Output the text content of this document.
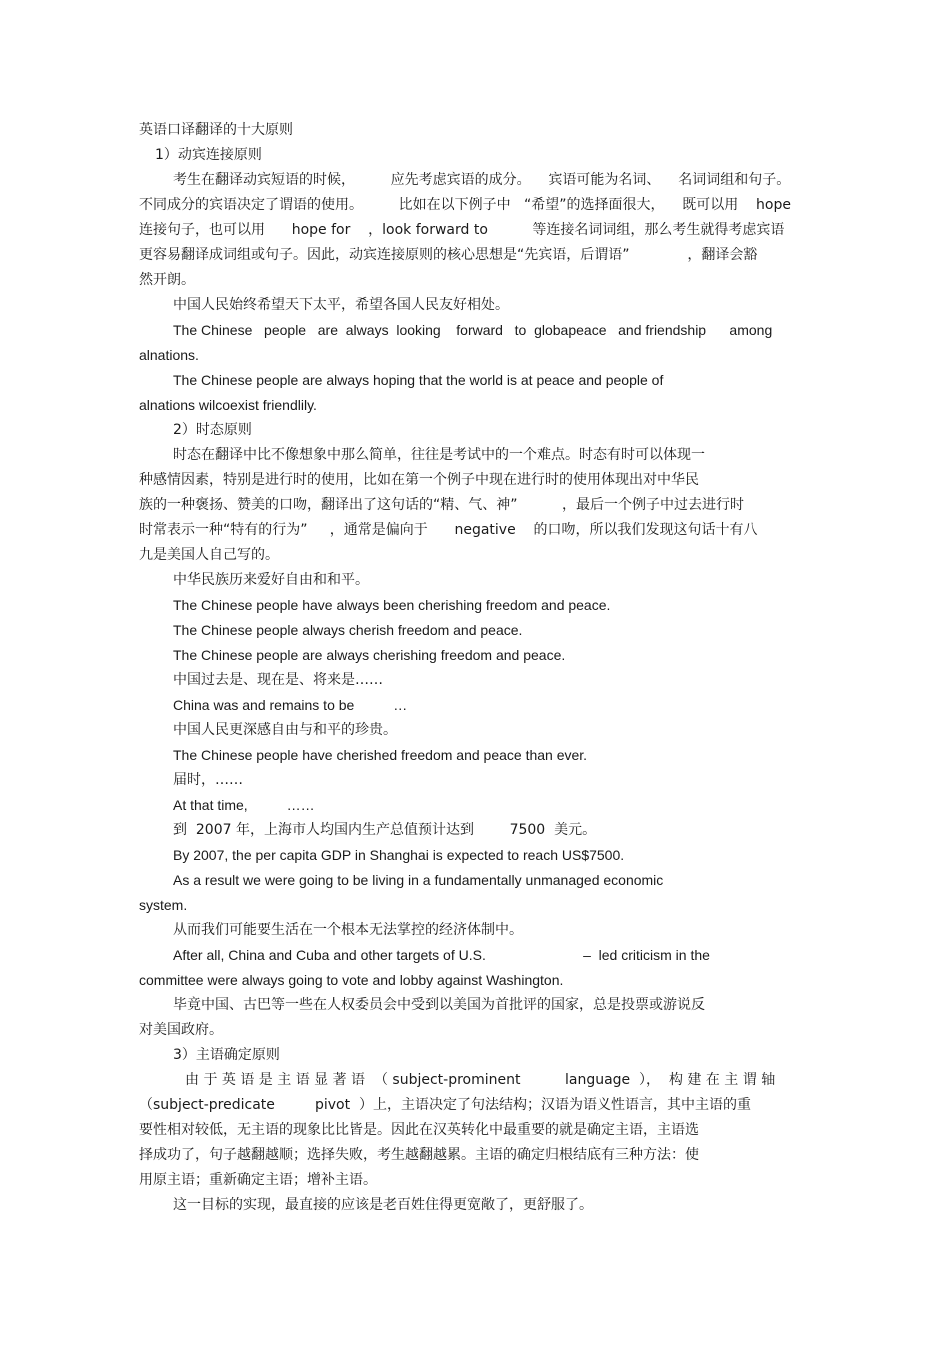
英语口译翻译的十大原则
1）动宾连接原则
考生在翻译动宾短语的时候，        应先考虑宾语的成分。    宾语可能为名词、    名词词组和句子。
不同成分的宾语决定了谓语的使用。        比如在以下例子中   “希望”的选择面很大，    既可以用    hope
连接句子，也可以用      hope for    ，look forward to          等连接名词词组，那么考生就得考虑宾语
更容易翻译成词组或句子。因此，动宾连接原则的核心思想是“先宾语，后谓语”             ，翻译会豁
然开朗。
中国人民始终希望天下太平，希望各国人民友好相处。
The Chinese   people   are  always  looking    forward   to  globapeace   and friendship      among
alnations.
The Chinese people are always hoping that the world is at peace and people of
alnations wilcoexist friendlily.
2）时态原则
时态在翻译中比不像想象中那么简单，往往是考试中的一个难点。时态有时可以体现一
种感情因素，特别是进行时的使用，比如在第一个例子中现在进行时的使用体现出对中华民
族的一种褒扬、赞美的口吻，翻译出了这句话的“精、气、神”          ，最后一个例子中过去进行时
时常表示一种“特有的行为”     ，通常是偏向于      negative    的口吻，所以我们发现这句话十有八
九是美国人自己写的。
中华民族历来爱好自由和和平。
The Chinese people have always been cherishing freedom and peace.
The Chinese people always cherish freedom and peace.
The Chinese people are always cherishing freedom and peace.
中国过去是、现在是、将来是……
China was and remains to be          …
中国人民更深感自由与和平的珍贵。
The Chinese people have cherished freedom and peace than ever.
届时，……
At that time,          ……
到  2007 年，上海市人均国内生产总值预计达到        7500  美元。
By 2007, the per capita GDP in Shanghai is expected to reach US$7500.
As a result we were going to be living in a fundamentally unmanaged economic
system.
从而我们可能要生活在一个根本无法掌控的经济体制中。
After all, China and Cuba and other targets of U.S.                         –  led criticism in the
committee were always going to vote and lobby against Washington.
毕竟中国、古巴等一些在人权委员会中受到以美国为首批评的国家，总是投票或游说反
对美国政府。
3）主语确定原则
由 于 英 语 是 主 语 显 著 语  （ subject-prominent          language  ），  构 建 在 主 谓 轴
（subject-predicate         pivot  ）上，主语决定了句法结构；汉语为语义性语言，其中主语的重
要性相对较低，无主语的现象比比皆是。因此在汉英转化中最重要的就是确定主语，主语选
择成功了，句子越翻越顺；选择失败，考生越翻越累。主语的确定归根结底有三种方法：使
用原主语；重新确定主语；增补主语。
这一目标的实现，最直接的应该是老百姓住得更宽敞了，更舒服了。
